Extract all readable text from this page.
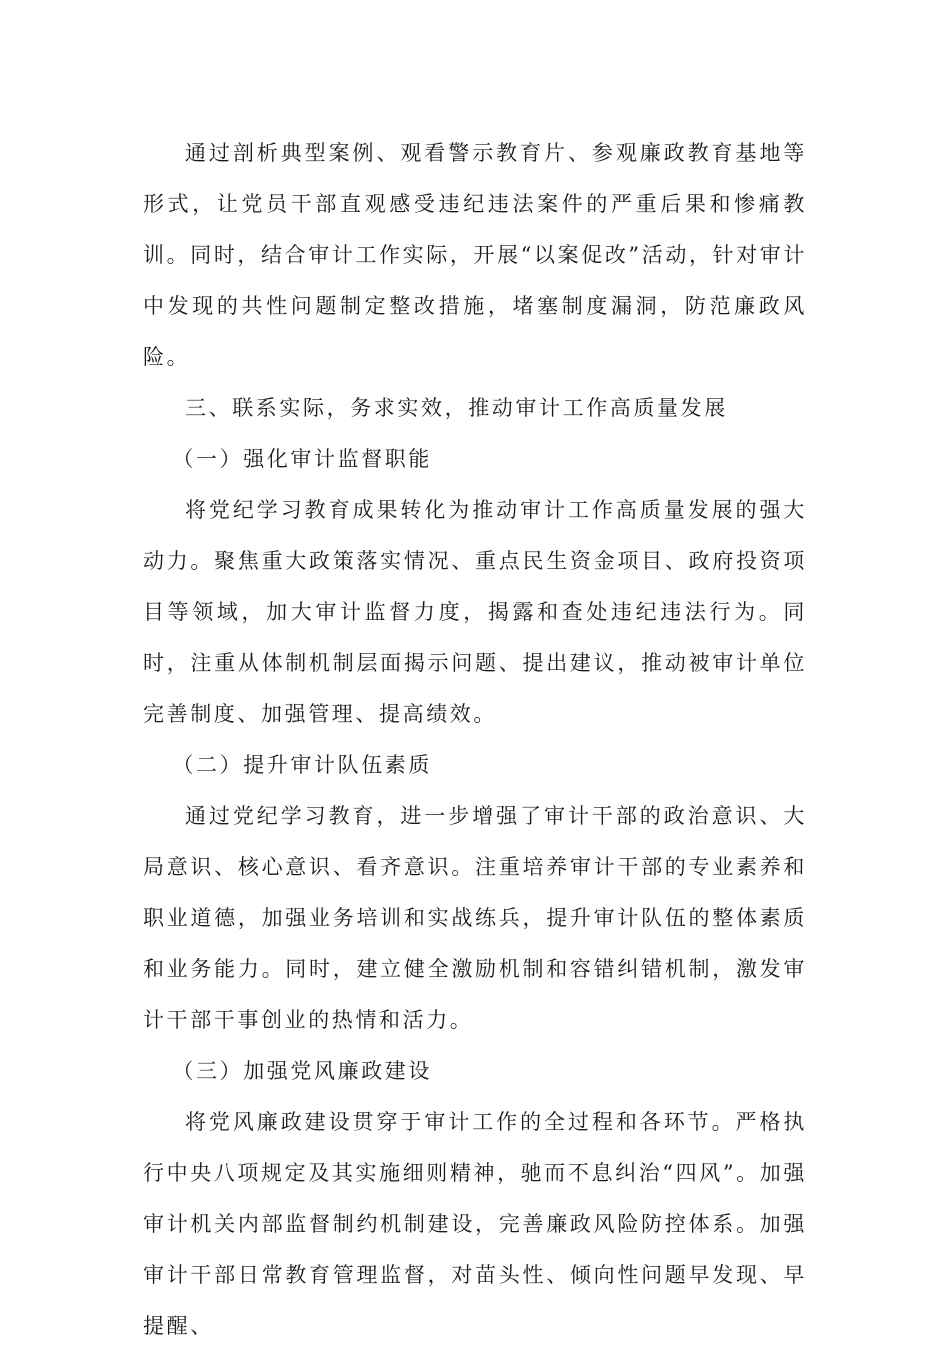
通过剖析典型案例、观看警示教育片、参观廉政教育基地等形式，让党员干部直观感受违纪违法案件的严重后果和惨痛教训。同时，结合审计工作实际，开展“以案促改”活动，针对审计中发现的共性问题制定整改措施，堵塞制度漏洞，防范廉政风险。

三、联系实际，务求实效，推动审计工作高质量发展

（一）强化审计监督职能

将党纪学习教育成果转化为推动审计工作高质量发展的强大动力。聚焦重大政策落实情况、重点民生资金项目、政府投资项目等领域，加大审计监督力度，揭露和查处违纪违法行为。同时，注重从体制机制层面揭示问题、提出建议，推动被审计单位完善制度、加强管理、提高绩效。

（二）提升审计队伍素质

通过党纪学习教育，进一步增强了审计干部的政治意识、大局意识、核心意识、看齐意识。注重培养审计干部的专业素养和职业道德，加强业务培训和实战练兵，提升审计队伍的整体素质和业务能力。同时，建立健全激励机制和容错纠错机制，激发审计干部干事创业的热情和活力。

（三）加强党风廉政建设

将党风廉政建设贯穿于审计工作的全过程和各环节。严格执行中央八项规定及其实施细则精神，驰而不息纠治“四风”。加强审计机关内部监督制约机制建设，完善廉政风险防控体系。加强审计干部日常教育管理监督，对苗头性、倾向性问题早发现、早提醒、
